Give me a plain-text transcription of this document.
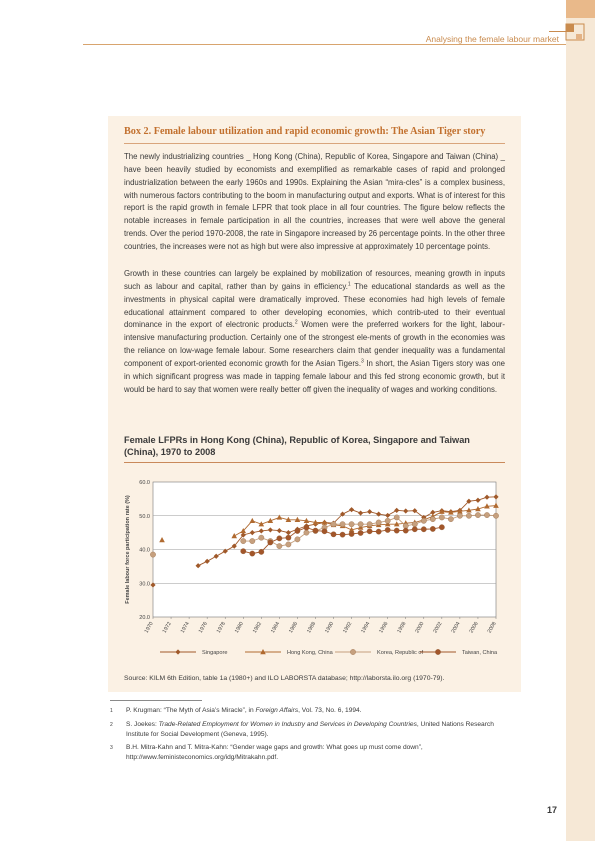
Analysing the female labour market
Box 2. Female labour utilization and rapid economic growth: The Asian Tiger story

The newly industrializing countries _ Hong Kong (China), Republic of Korea, Singapore and Taiwan (China) _ have been heavily studied by economists and exemplified as remarkable cases of rapid and prolonged industrialization between the early 1960s and 1990s. Explaining the Asian “mira-cles” is a complex business, with numerous factors contributing to the boom in manufacturing output and exports. What is of interest for this report is the rapid growth in female LFPR that took place in all four countries. The figure below reflects the notable increases in female participation in all the countries, increases that were well above the general trends. Over the period 1970-2008, the rate in Singapore increased by 26 percentage points. In the other three countries, the increases were not as high but were also impressive at approximately 10 percentage points.

Growth in these countries can largely be explained by mobilization of resources, meaning growth in inputs such as labour and capital, rather than by gains in efficiency.$^1$ The educational standards as well as the investments in physical capital were dramatically improved. These economies had high levels of female educational attainment compared to other developing economies, which contrib-uted to their eventual dominance in the export of electronic products.$^2$ Women were the preferred workers for the light, labour-intensive manufacturing production. Certainly one of the strongest ele-ments of growth in the economies was the reliance on low-wage female labour. Some researchers claim that gender inequality was a fundamental component of export-oriented economic growth for the Asian Tigers.$^3$ In short, the Asian Tigers story was one in which significant progress was made in tapping female labour and this fed strong economic growth, but it would be hard to say that women were really better off given the inequality of wages and working conditions.

Female LFPRs in Hong Kong (China), Republic of Korea, Singapore and Taiwan (China), 1970 to 2008
20.0
30.0
40.0
50.0
60.0
1970 1972 1974 1976 1978 1980 1982 1984 1986 1988 1990 1992 1994 1996 1998 2000 2002 2004 2006 2008
Female labour force participation rate (%)
Singapore	Hong Kong, China	Korea, Republic of	Taiwan, China
Source: KILM 6th Edition, table 1a (1980+) and ILO LABORSTA database; http://laborsta.ilo.org (1970-79).
1 P. Krugman: “The Myth of Asia’s Miracle”, in Foreign Affairs, Vol. 73, No. 6, 1994.
2 S. Joekes: Trade-Related Employment for Women in Industry and Services in Developing Countries, United Nations Research Institute for Social Development (Geneva, 1995).
3 B.H. Mitra-Kahn and T. Mitra-Kahn: “Gender wage gaps and growth: What goes up must come down”, http://www.feministeconomics.org/idg/Mitrakahn.pdf.
17
